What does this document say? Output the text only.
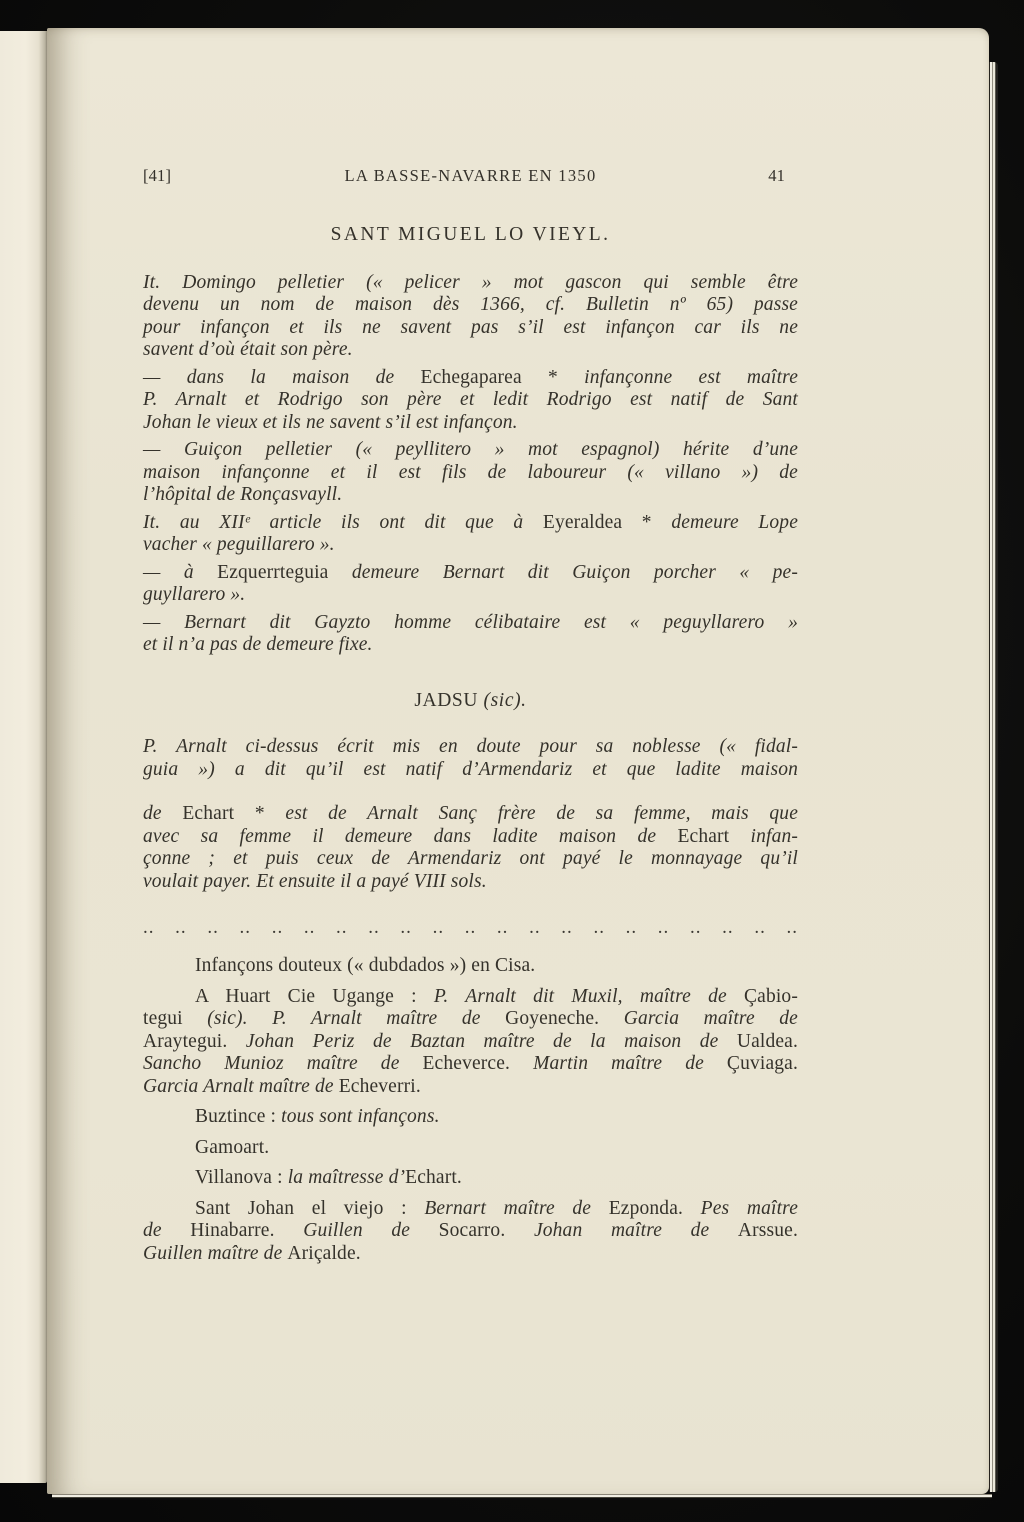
[41]	LA BASSE-NAVARRE EN 1350	41
SANT MIGUEL LO VIEYL.
It. Domingo pelletier (« pelicer » mot gascon qui semble être
devenu un nom de maison dès 1366, cf. Bulletin nº 65) passe
pour infançon et ils ne savent pas s’il est infançon car ils ne
savent d’où était son père.
— dans la maison de Echegaparea * infançonne est maître
P. Arnalt et Rodrigo son père et ledit Rodrigo est natif de Sant
Johan le vieux et ils ne savent s’il est infançon.
— Guiçon pelletier (« peyllitero » mot espagnol) hérite d’une
maison infançonne et il est fils de laboureur (« villano ») de
l’hôpital de Ronçasvayll.
It. au XIIᵉ article ils ont dit que à Eyeraldea * demeure Lope
vacher « peguillarero ».
— à Ezquerrteguia demeure Bernart dit Guiçon porcher « pe-
guyllarero ».
— Bernart dit Gayzto homme célibataire est « peguyllarero »
et il n’a pas de demeure fixe.
JADSU (sic).
P. Arnalt ci-dessus écrit mis en doute pour sa noblesse (« fidal-
guia ») a dit qu’il est natif d’Armendariz et que ladite maison
de Echart * est de Arnalt Sanç frère de sa femme, mais que
avec sa femme il demeure dans ladite maison de Echart infan-
çonne ; et puis ceux de Armendariz ont payé le monnayage qu’il
voulait payer. Et ensuite il a payé VIII sols.
.. .. .. .. .. .. .. .. .. .. .. .. .. .. .. .. .. .. .. .. ..
Infançons douteux (« dubdados ») en Cisa.
A Huart Cie Ugange : P. Arnalt dit Muxil, maître de Çabio-
tegui (sic). P. Arnalt maître de Goyeneche. Garcia maître de
Araytegui. Johan Periz de Baztan maître de la maison de Ualdea.
Sancho Munioz maître de Echeverce. Martin maître de Çuviaga.
Garcia Arnalt maître de Echeverri.
Buztince : tous sont infançons.
Gamoart.
Villanova : la maîtresse d’Echart.
Sant Johan el viejo : Bernart maître de Ezponda. Pes maître
de Hinabarre. Guillen de Socarro. Johan maître de Arssue.
Guillen maître de Ariçalde.
